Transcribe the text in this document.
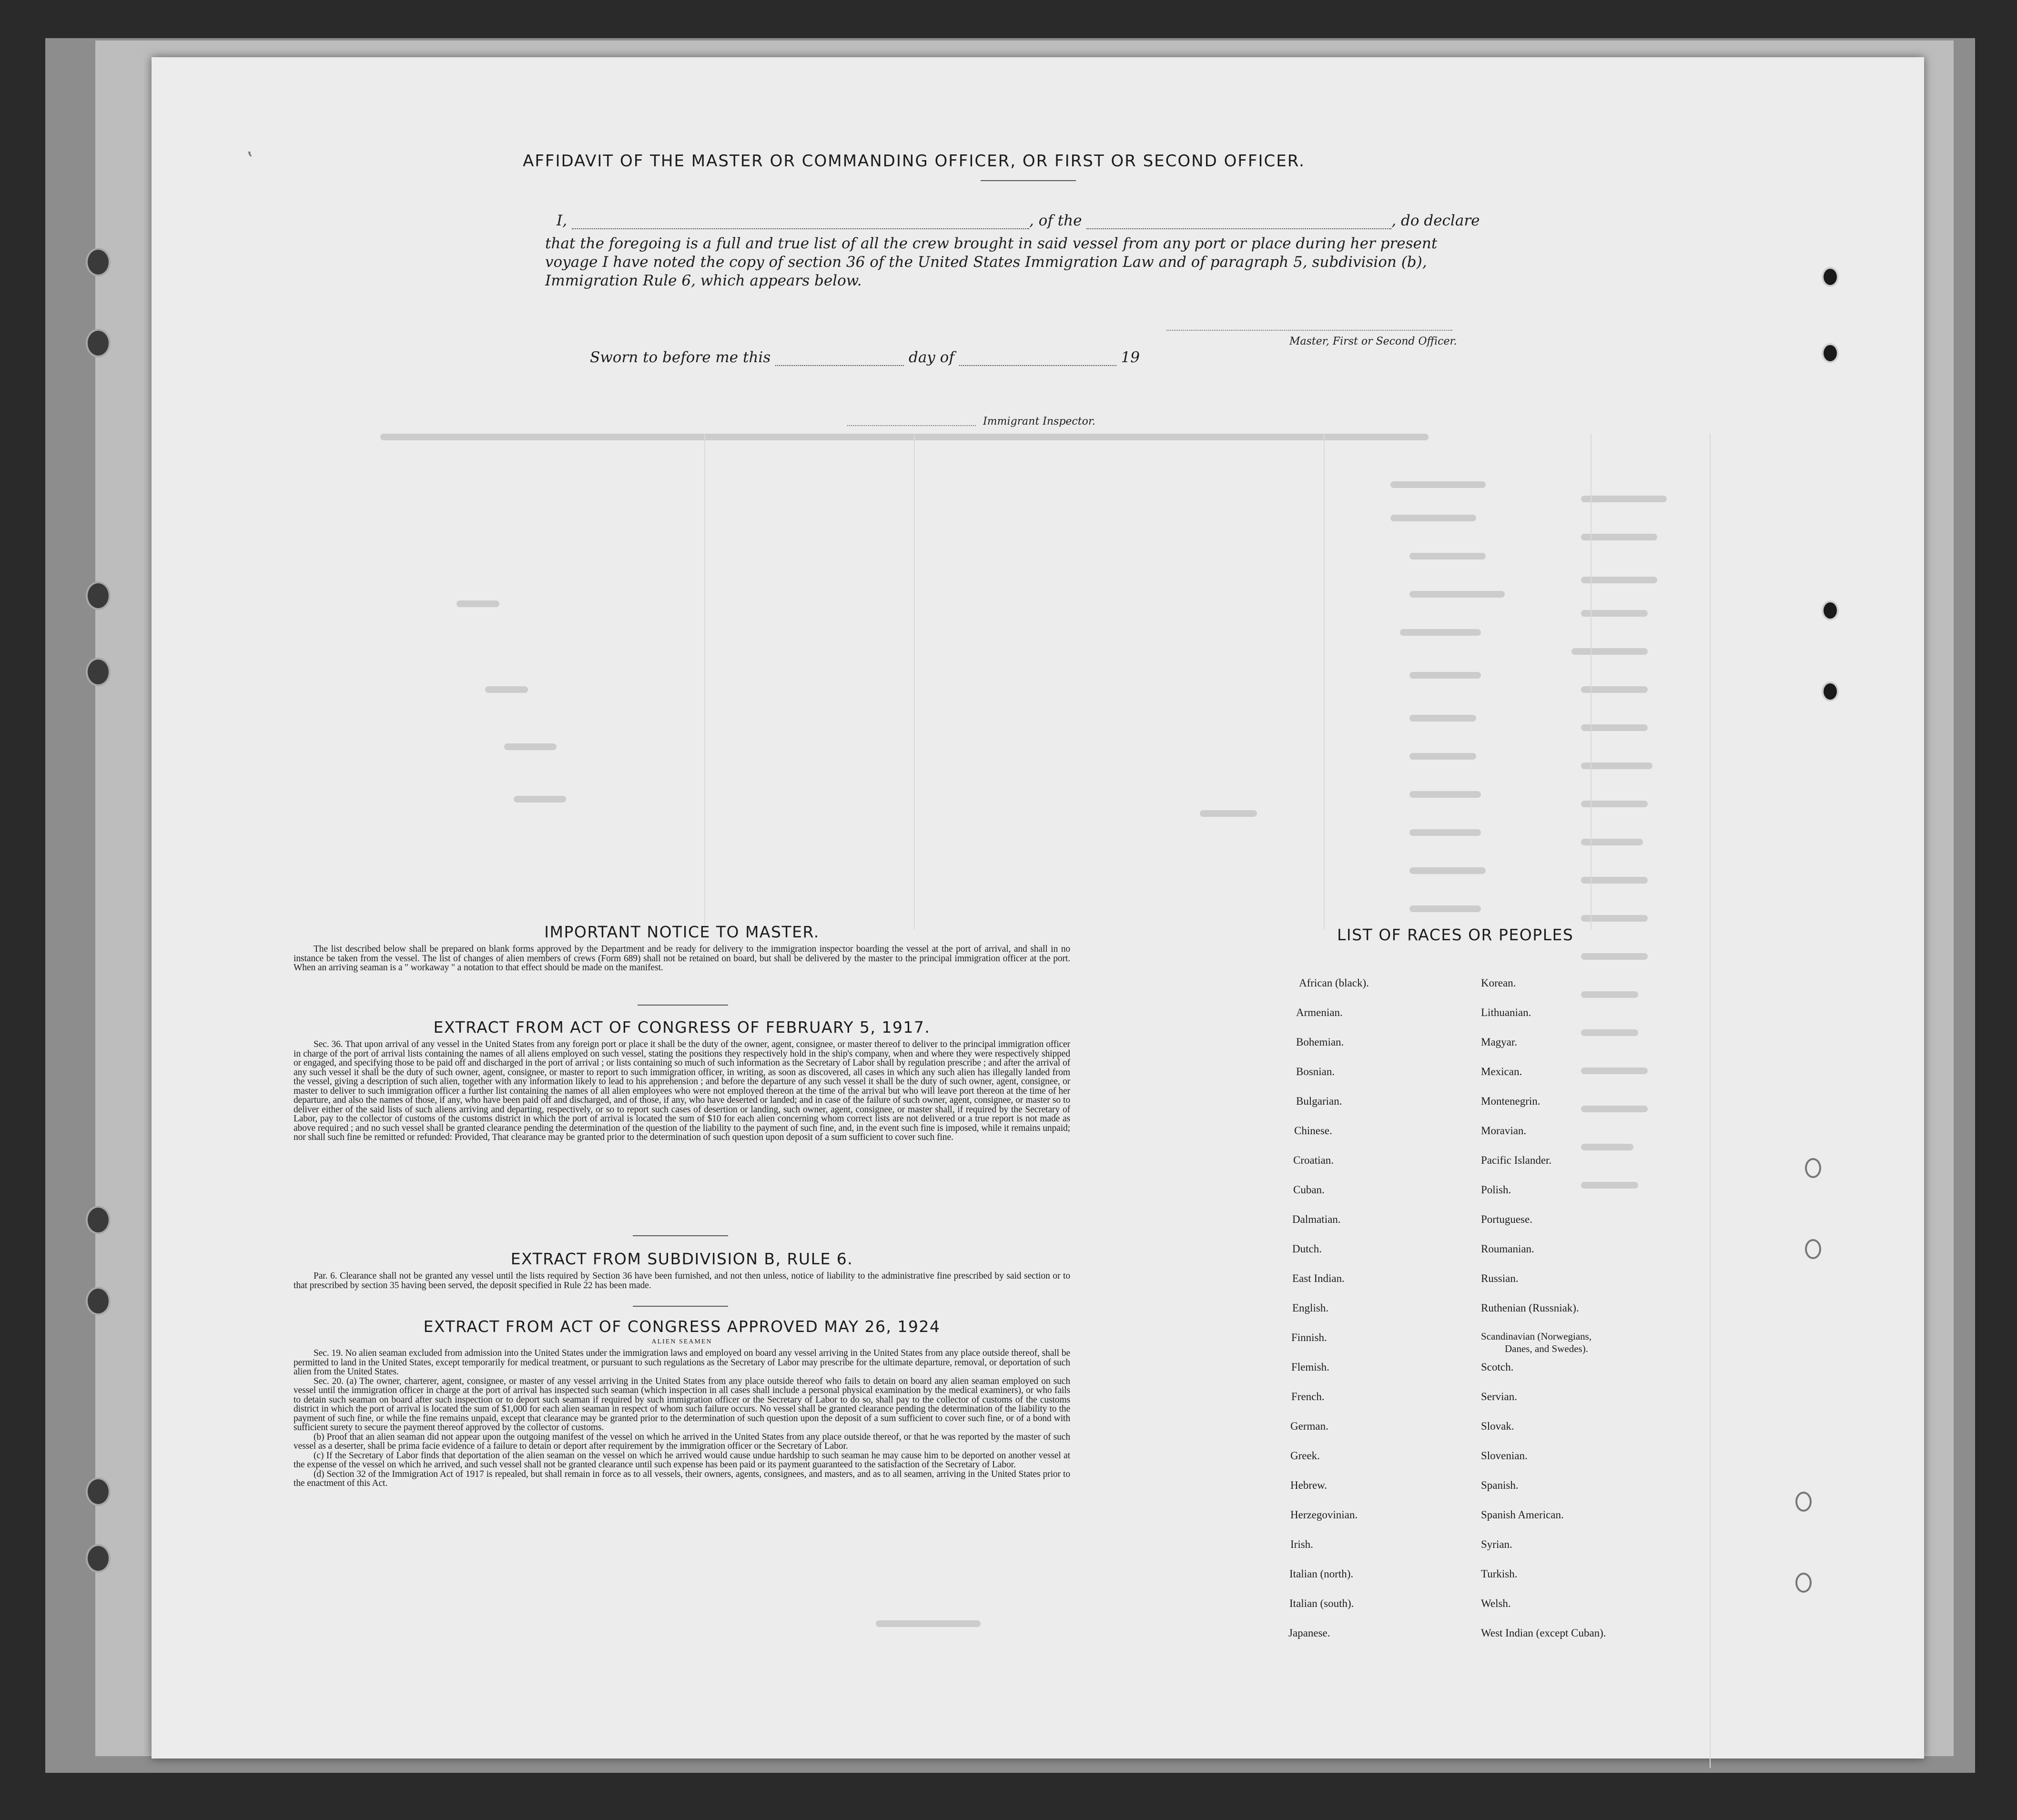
‛	AFFIDAVIT OF THE MASTER OR COMMANDING OFFICER, OR FIRST OR SECOND OFFICER.
I,	, of the	, do declare
that the foregoing is a full and true list of all the crew brought in said vessel from any port or place during her present
voyage I have noted the copy of section 36 of the United States Immigration Law and of paragraph 5, subdivision (b),
Immigration Rule 6, which appears below.
Master, First or Second Officer.
Sworn to before me this	day of	19
Immigrant Inspector.
IMPORTANT NOTICE TO MASTER.

The list described below shall be prepared on blank forms approved by the Department and be ready for delivery to the immigration inspector boarding the vessel at the port of arrival, and shall in no instance be taken from the vessel. The list of changes of alien members of crews (Form 689) shall not be retained on board, but shall be delivered by the master to the principal immigration officer at the port. When an arriving seaman is a " workaway " a notation to that effect should be made on the manifest.

EXTRACT FROM ACT OF CONGRESS OF FEBRUARY 5, 1917.

Sec. 36. That upon arrival of any vessel in the United States from any foreign port or place it shall be the duty of the owner, agent, consignee, or master thereof to deliver to the principal immigration officer in charge of the port of arrival lists containing the names of all aliens employed on such vessel, stating the positions they respectively hold in the ship's company, when and where they were respectively shipped or engaged, and specifying those to be paid off and discharged in the port of arrival ; or lists containing so much of such information as the Secretary of Labor shall by regulation prescribe ; and after the arrival of any such vessel it shall be the duty of such owner, agent, consignee, or master to report to such immigration officer, in writing, as soon as discovered, all cases in which any such alien has illegally landed from the vessel, giving a description of such alien, together with any information likely to lead to his apprehension ; and before the departure of any such vessel it shall be the duty of such owner, agent, consignee, or master to deliver to such immigration officer a further list containing the names of all alien employees who were not employed thereon at the time of the arrival but who will leave port thereon at the time of her departure, and also the names of those, if any, who have been paid off and discharged, and of those, if any, who have deserted or landed; and in case of the failure of such owner, agent, consignee, or master so to deliver either of the said lists of such aliens arriving and departing, respectively, or so to report such cases of desertion or landing, such owner, agent, consignee, or master shall, if required by the Secretary of Labor, pay to the collector of customs of the customs district in which the port of arrival is located the sum of $10 for each alien concerning whom correct lists are not delivered or a true report is not made as above required ; and no such vessel shall be granted clearance pending the determination of the question of the liability to the payment of such fine, and, in the event such fine is imposed, while it remains unpaid; nor shall such fine be remitted or refunded: Provided, That clearance may be granted prior to the determination of such question upon deposit of a sum sufficient to cover such fine.

EXTRACT FROM SUBDIVISION B, RULE 6.

Par. 6. Clearance shall not be granted any vessel until the lists required by Section 36 have been furnished, and not then unless, notice of liability to the administrative fine prescribed by said section or to that prescribed by section 35 having been served, the deposit specified in Rule 22 has been made.

EXTRACT FROM ACT OF CONGRESS APPROVED MAY 26, 1924
ALIEN SEAMEN

Sec. 19. No alien seaman excluded from admission into the United States under the immigration laws and employed on board any vessel arriving in the United States from any place outside thereof, shall be permitted to land in the United States, except temporarily for medical treatment, or pursuant to such regulations as the Secretary of Labor may prescribe for the ultimate departure, removal, or deportation of such alien from the United States.

Sec. 20. (a) The owner, charterer, agent, consignee, or master of any vessel arriving in the United States from any place outside thereof who fails to detain on board any alien seaman employed on such vessel until the immigration officer in charge at the port of arrival has inspected such seaman (which inspection in all cases shall include a personal physical examination by the medical examiners), or who fails to detain such seaman on board after such inspection or to deport such seaman if required by such immigration officer or the Secretary of Labor to do so, shall pay to the collector of customs of the customs district in which the port of arrival is located the sum of $1,000 for each alien seaman in respect of whom such failure occurs. No vessel shall be granted clearance pending the determination of the liability to the payment of such fine, or while the fine remains unpaid, except that clearance may be granted prior to the determination of such question upon the deposit of a sum sufficient to cover such fine, or of a bond with sufficient surety to secure the payment thereof approved by the collector of customs.

(b) Proof that an alien seaman did not appear upon the outgoing manifest of the vessel on which he arrived in the United States from any place outside thereof, or that he was reported by the master of such vessel as a deserter, shall be prima facie evidence of a failure to detain or deport after requirement by the immigration officer or the Secretary of Labor.

(c) If the Secretary of Labor finds that deportation of the alien seaman on the vessel on which he arrived would cause undue hardship to such seaman he may cause him to be deported on another vessel at the expense of the vessel on which he arrived, and such vessel shall not be granted clearance until such expense has been paid or its payment guaranteed to the satisfaction of the Secretary of Labor.

(d) Section 32 of the Immigration Act of 1917 is repealed, but shall remain in force as to all vessels, their owners, agents, consignees, and masters, and as to all seamen, arriving in the United States prior to the enactment of this Act.

LIST OF RACES OR PEOPLES
African (black).
Armenian.
Bohemian.
Bosnian.
Bulgarian.
Chinese.
Croatian.
Cuban.
Dalmatian.
Dutch.
East Indian.
English.
Finnish.
Flemish.
French.
German.
Greek.
Hebrew.
Herzegovinian.
Irish.
Italian (north).
Italian (south).
Japanese.
Korean.
Lithuanian.
Magyar.
Mexican.
Montenegrin.
Moravian.
Pacific Islander.
Polish.
Portuguese.
Roumanian.
Russian.
Ruthenian (Russniak).
Scandinavian (Norwegians,
Danes, and Swedes).
Scotch.
Servian.
Slovak.
Slovenian.
Spanish.
Spanish American.
Syrian.
Turkish.
Welsh.
West Indian (except Cuban).
